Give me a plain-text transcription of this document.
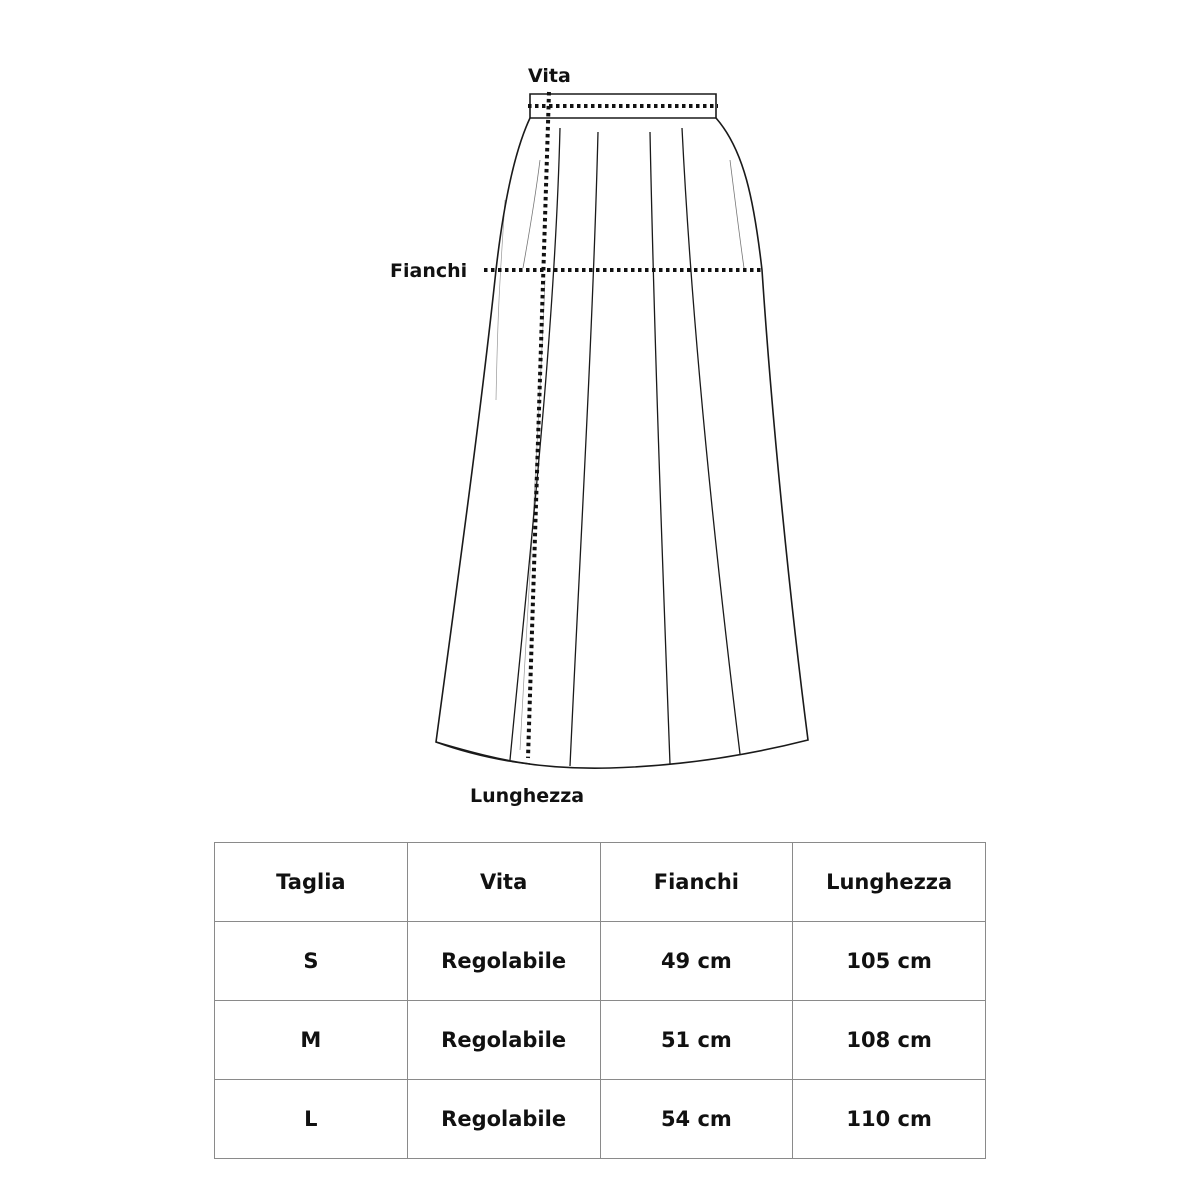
Vita
Fianchi
Lunghezza
Taglia	Vita	Fianchi	Lunghezza
S	Regolabile	49 cm	105 cm
M	Regolabile	51 cm	108 cm
L	Regolabile	54 cm	110 cm
